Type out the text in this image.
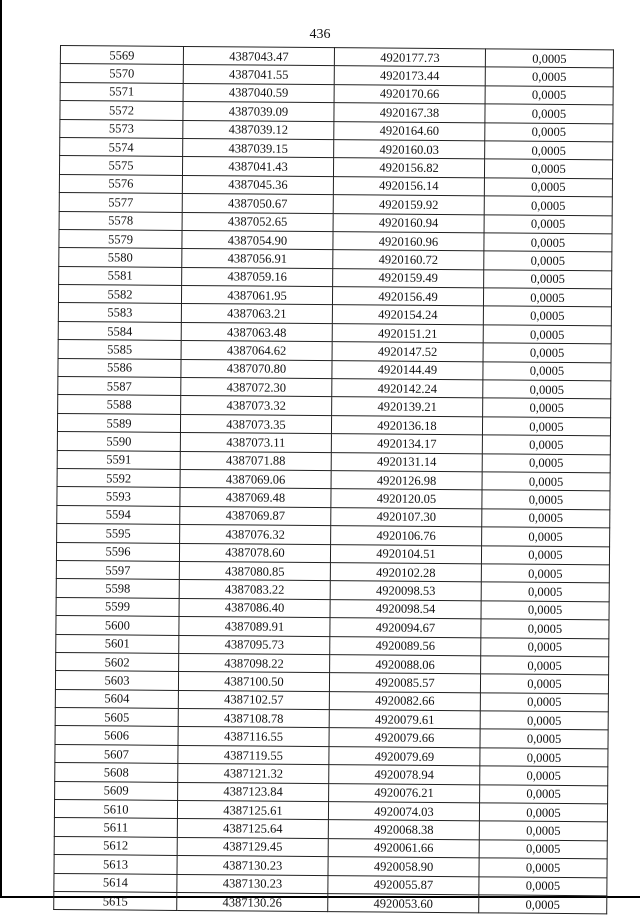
436
5569	4387043.47	4920177.73	0,0005
5570	4387041.55	4920173.44	0,0005
5571	4387040.59	4920170.66	0,0005
5572	4387039.09	4920167.38	0,0005
5573	4387039.12	4920164.60	0,0005
5574	4387039.15	4920160.03	0,0005
5575	4387041.43	4920156.82	0,0005
5576	4387045.36	4920156.14	0,0005
5577	4387050.67	4920159.92	0,0005
5578	4387052.65	4920160.94	0,0005
5579	4387054.90	4920160.96	0,0005
5580	4387056.91	4920160.72	0,0005
5581	4387059.16	4920159.49	0,0005
5582	4387061.95	4920156.49	0,0005
5583	4387063.21	4920154.24	0,0005
5584	4387063.48	4920151.21	0,0005
5585	4387064.62	4920147.52	0,0005
5586	4387070.80	4920144.49	0,0005
5587	4387072.30	4920142.24	0,0005
5588	4387073.32	4920139.21	0,0005
5589	4387073.35	4920136.18	0,0005
5590	4387073.11	4920134.17	0,0005
5591	4387071.88	4920131.14	0,0005
5592	4387069.06	4920126.98	0,0005
5593	4387069.48	4920120.05	0,0005
5594	4387069.87	4920107.30	0,0005
5595	4387076.32	4920106.76	0,0005
5596	4387078.60	4920104.51	0,0005
5597	4387080.85	4920102.28	0,0005
5598	4387083.22	4920098.53	0,0005
5599	4387086.40	4920098.54	0,0005
5600	4387089.91	4920094.67	0,0005
5601	4387095.73	4920089.56	0,0005
5602	4387098.22	4920088.06	0,0005
5603	4387100.50	4920085.57	0,0005
5604	4387102.57	4920082.66	0,0005
5605	4387108.78	4920079.61	0,0005
5606	4387116.55	4920079.66	0,0005
5607	4387119.55	4920079.69	0,0005
5608	4387121.32	4920078.94	0,0005
5609	4387123.84	4920076.21	0,0005
5610	4387125.61	4920074.03	0,0005
5611	4387125.64	4920068.38	0,0005
5612	4387129.45	4920061.66	0,0005
5613	4387130.23	4920058.90	0,0005
5614	4387130.23	4920055.87	0,0005
5615	4387130.26	4920053.60	0,0005
